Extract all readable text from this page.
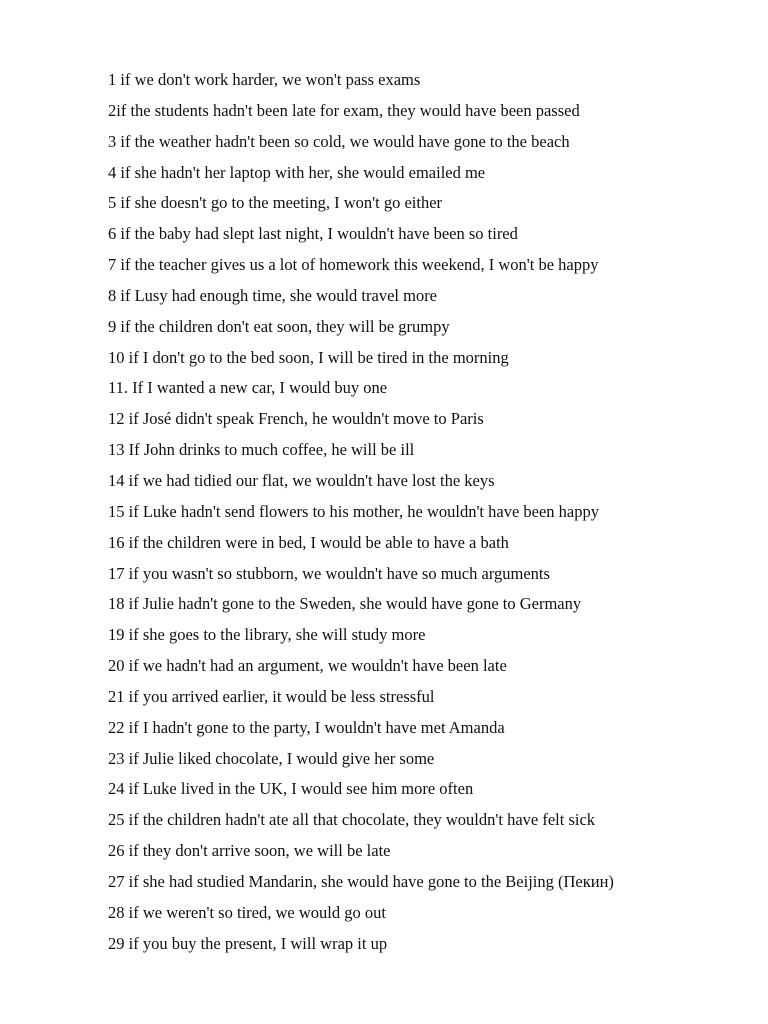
1 if we don't work harder, we won't pass exams
2if the students hadn't been late for exam, they would have been passed
3 if the weather hadn't been so cold, we would have gone to the beach
4 if she hadn't her laptop with her, she would emailed me
5 if she doesn't go to the meeting, I won't go either
6 if the baby had slept last night, I wouldn't have been so tired
7 if the teacher gives us a lot of homework this weekend, I won't be happy
8 if Lusy had enough time, she would travel more
9 if the children don't eat soon, they will be grumpy
10 if I don't go to the bed soon, I will be tired in the morning
11. If I wanted a new car, I would buy one
12 if José didn't speak French, he wouldn't move to Paris
13 If John drinks to much coffee, he will be ill
14 if we had tidied our flat, we wouldn't have lost the keys
15 if Luke hadn't send flowers to his mother, he wouldn't have been happy
16 if the children were in bed, I would be able to have a bath
17 if you wasn't so stubborn, we wouldn't have so much arguments
18 if Julie hadn't gone to the Sweden, she would have gone to Germany
19 if she goes to the library, she will study more
20 if we hadn't had an argument, we wouldn't have been late
21 if you arrived earlier, it would be less stressful
22 if I hadn't gone to the party, I wouldn't have met Amanda
23 if Julie liked chocolate, I would give her some
24 if Luke lived in the UK, I would see him more often
25 if the children hadn't ate all that chocolate, they wouldn't have felt sick
26 if they don't arrive soon, we will be late
27 if she had studied Mandarin, she would have gone to the Beijing (Пекин)
28 if we weren't so tired, we would go out
29 if you buy the present, I will wrap it up
